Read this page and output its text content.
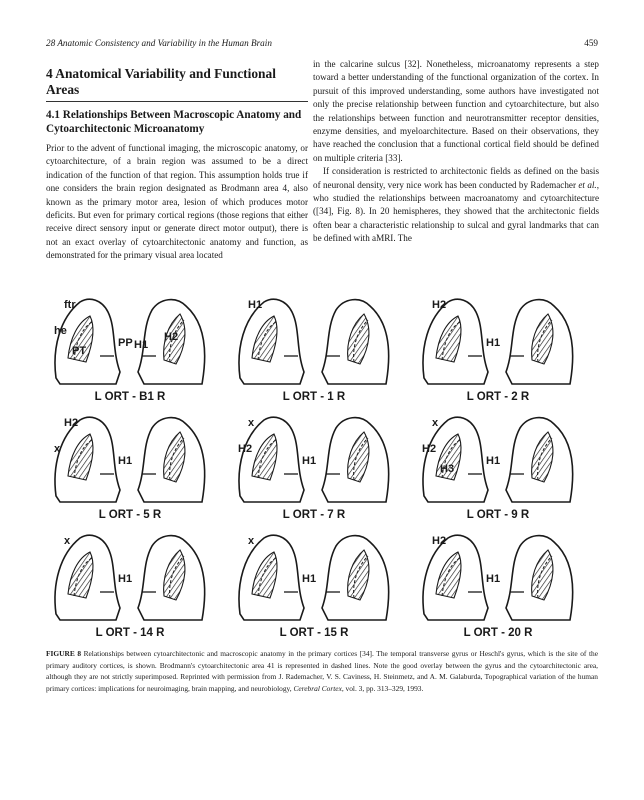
28 Anatomic Consistency and Variability in the Human Brain	459
4 Anatomical Variability and Functional Areas
4.1 Relationships Between Macroscopic Anatomy and Cytoarchitectonic Microanatomy

Prior to the advent of functional imaging, the microscopic anatomy, or cytoarchitecture, of a brain region was assumed to be a direct indication of the function of that region. This assumption holds true if one considers the brain region designated as Brodmann area 4, also known as the primary motor area, lesion of which produces motor deficits. But even for primary cortical regions (those regions that either receive direct sensory input or generate direct motor output), there is not an exact overlay of cytoarchitectonic anatomy and function, as demonstrated for the primary visual area located

in the calcarine sulcus [32]. Nonetheless, microanatomy represents a step toward a better understanding of the functional organization of the cortex. In pursuit of this improved understanding, some authors have investigated not only the precise relationship between function and cytoarchitecture, but also the relationships between function and neurotransmitter receptor densities, enzyme densities, and myeloarchitecture. Based on their observations, they have reached the conclusion that a functional cortical field should be defined on multiple criteria [33].

If consideration is restricted to architectonic fields as defined on the basis of neuronal density, very nice work has been conducted by Rademacher et al., who studied the relationships between macroanatomy and cytoarchitecture ([34], Fig. 8). In 20 hemispheres, they showed that the architectonic fields often bear a characteristic relationship to sulcal and gyral landmarks that can be defined with aMRI. The

ftr
PP
he
PT	H1
H2
L ORT - B1 R
H1
L ORT - 1 R
H2
H1
L ORT - 2 R
H2
H1
x
L ORT - 5 R
x
H1
H2
L ORT - 7 R
x
H1
H2
H3
L ORT - 9 R
x
H1
L ORT - 14 R
x
H1
L ORT - 15 R
H2
H1
L ORT - 20 R
FIGURE 8 Relationships between cytoarchitectonic and macroscopic anatomy in the primary cortices [34]. The temporal transverse gyrus or Heschl's gyrus, which is the site of the primary auditory cortices, is shown. Brodmann's cytoarchitectonic area 41 is represented in dashed lines. Note the good overlay between the gyrus and the cytoarchitectonic area, although they are not strictly superimposed. Reprinted with permission from J. Rademacher, V. S. Caviness, H. Steinmetz, and A. M. Galaburda, Topographical variation of the human primary cortices: implications for neuroimaging, brain mapping, and neurobiology, Cerebral Cortex, vol. 3, pp. 313–329, 1993.
